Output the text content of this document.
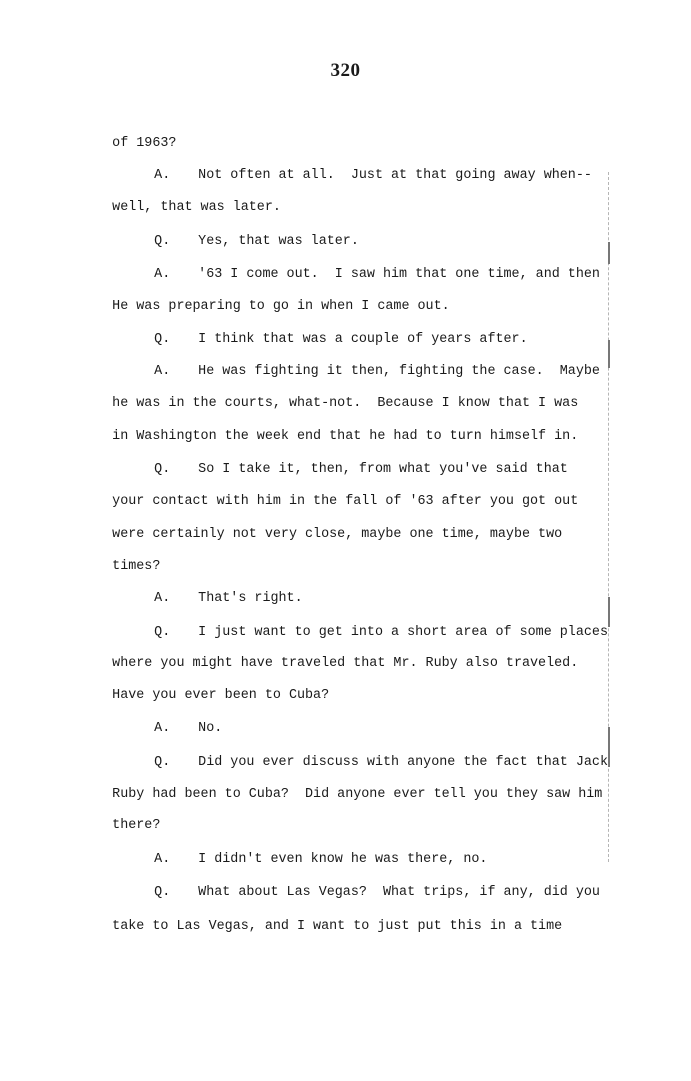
320

of 1963?

A. Not often at all.  Just at that going away when--

well, that was later.

Q. Yes, that was later.

A. '63 I come out.  I saw him that one time, and then

He was preparing to go in when I came out.

Q. I think that was a couple of years after.

A. He was fighting it then, fighting the case.  Maybe

he was in the courts, what-not.  Because I know that I was

in Washington the week end that he had to turn himself in.

Q. So I take it, then, from what you've said that

your contact with him in the fall of '63 after you got out

were certainly not very close, maybe one time, maybe two

times?

A. That's right.

Q. I just want to get into a short area of some places

where you might have traveled that Mr. Ruby also traveled.

Have you ever been to Cuba?

A. No.

Q. Did you ever discuss with anyone the fact that Jack

Ruby had been to Cuba?  Did anyone ever tell you they saw him

there?

A. I didn't even know he was there, no.

Q. What about Las Vegas?  What trips, if any, did you

take to Las Vegas, and I want to just put this in a time
